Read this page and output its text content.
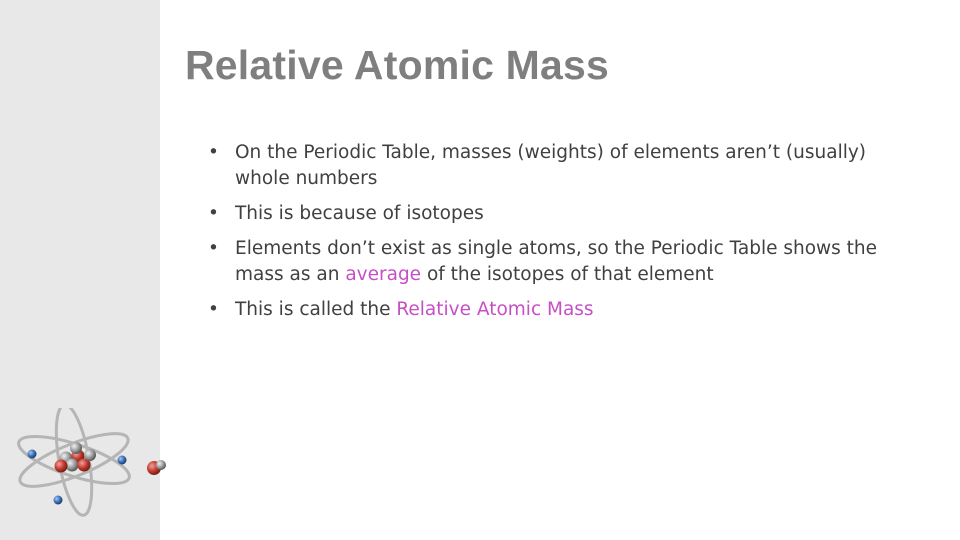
Relative Atomic Mass
• On the Periodic Table, masses (weights) of elements aren’t (usually) whole numbers
• This is because of isotopes
• Elements don’t exist as single atoms, so the Periodic Table shows the mass as an average of the isotopes of that element
• This is called the Relative Atomic Mass
